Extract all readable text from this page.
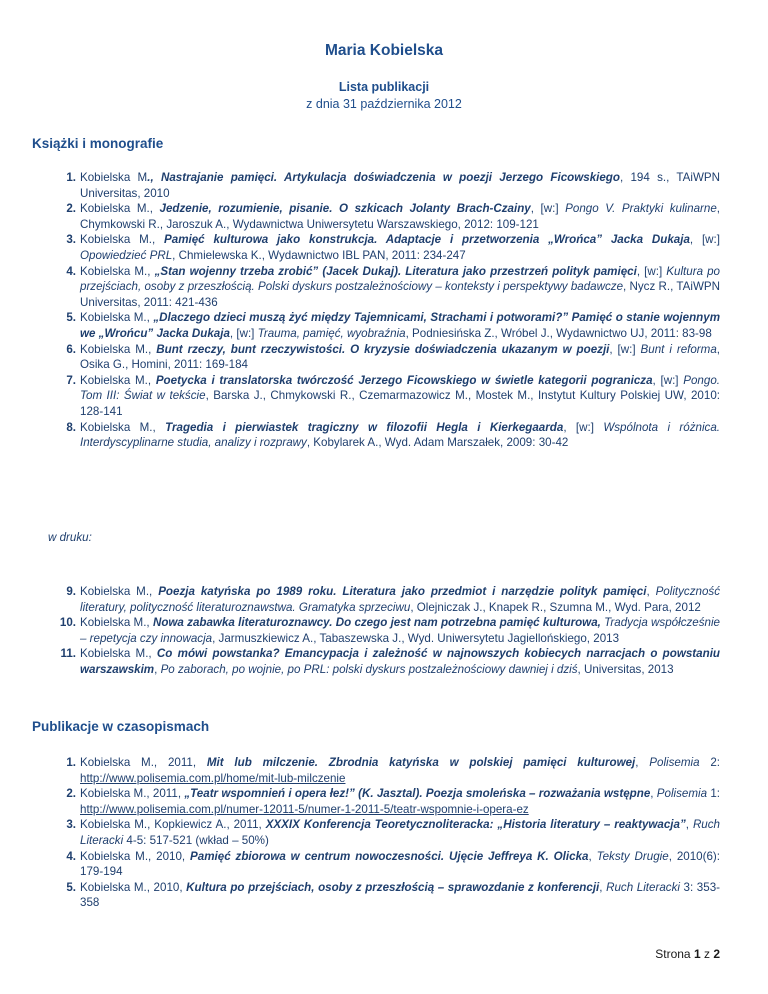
Maria Kobielska
Lista publikacji
z dnia 31 października 2012
Książki i monografie
1. Kobielska M., Nastrajanie pamięci. Artykulacja doświadczenia w poezji Jerzego Ficowskiego, 194 s., TAiWPN Universitas, 2010
2. Kobielska M., Jedzenie, rozumienie, pisanie. O szkicach Jolanty Brach-Czainy, [w:] Pongo V. Praktyki kulinarne, Chymkowski R., Jaroszuk A., Wydawnictwa Uniwersytetu Warszawskiego, 2012: 109-121
3. Kobielska M., Pamięć kulturowa jako konstrukcja. Adaptacje i przetworzenia „Wrońca” Jacka Dukaja, [w:] Opowiedzieć PRL, Chmielewska K., Wydawnictwo IBL PAN, 2011: 234-247
4. Kobielska M., „Stan wojenny trzeba zrobić” (Jacek Dukaj). Literatura jako przestrzeń polityk pamięci, [w:] Kultura po przejściach, osoby z przeszłością. Polski dyskurs postzależnościowy – konteksty i perspektywy badawcze, Nycz R., TAiWPN Universitas, 2011: 421-436
5. Kobielska M., „Dlaczego dzieci muszą żyć między Tajemnicami, Strachami i potworami?” Pamięć o stanie wojennym we „Wrońcu” Jacka Dukaja, [w:] Trauma, pamięć, wyobraźnia, Podniesińska Z., Wróbel J., Wydawnictwo UJ, 2011: 83-98
6. Kobielska M., Bunt rzeczy, bunt rzeczywistości. O kryzysie doświadczenia ukazanym w poezji, [w:] Bunt i reforma, Osika G., Homini, 2011: 169-184
7. Kobielska M., Poetycka i translatorska twórczość Jerzego Ficowskiego w świetle kategorii pogranicza, [w:] Pongo. Tom III: Świat w tekście, Barska J., Chmykowski R., Czemarmazowicz M., Mostek M., Instytut Kultury Polskiej UW, 2010: 128-141
8. Kobielska M., Tragedia i pierwiastek tragiczny w filozofii Hegla i Kierkegaarda, [w:] Wspólnota i różnica. Interdyscyplinarne studia, analizy i rozprawy, Kobylarek A., Wyd. Adam Marszałek, 2009: 30-42
w druku:
9. Kobielska M., Poezja katyńska po 1989 roku. Literatura jako przedmiot i narzędzie polityk pamięci, Polityczność literatury, polityczność literaturoznawstwa. Gramatyka sprzeciwu, Olejniczak J., Knapek R., Szumna M., Wyd. Para, 2012
10. Kobielska M., Nowa zabawka literaturoznawcy. Do czego jest nam potrzebna pamięć kulturowa, Tradycja współcześnie – repetycja czy innowacja, Jarmuszkiewicz A., Tabaszewska J., Wyd. Uniwersytetu Jagiellońskiego, 2013
11. Kobielska M., Co mówi powstanka? Emancypacja i zależność w najnowszych kobiecych narracjach o powstaniu warszawskim, Po zaborach, po wojnie, po PRL: polski dyskurs postzależnościowy dawniej i dziś, Universitas, 2013
Publikacje w czasopismach
1. Kobielska M., 2011, Mit lub milczenie. Zbrodnia katyńska w polskiej pamięci kulturowej, Polisemia 2: http://www.polisemia.com.pl/home/mit-lub-milczenie
2. Kobielska M., 2011, „Teatr wspomnień i opera łez!” (K. Jasztal). Poezja smoleńska – rozważania wstępne, Polisemia 1: http://www.polisemia.com.pl/numer-12011-5/numer-1-2011-5/teatr-wspomnie-i-opera-ez
3. Kobielska M., Kopkiewicz A., 2011, XXXIX Konferencja Teoretycznoliteracka: „Historia literatury – reaktywacja”, Ruch Literacki 4-5: 517-521 (wkład – 50%)
4. Kobielska M., 2010, Pamięć zbiorowa w centrum nowoczesności. Ujęcie Jeffreya K. Olicka, Teksty Drugie, 2010(6): 179-194
5. Kobielska M., 2010, Kultura po przejściach, osoby z przeszłością – sprawozdanie z konferencji, Ruch Literacki 3: 353-358
Strona 1 z 2
